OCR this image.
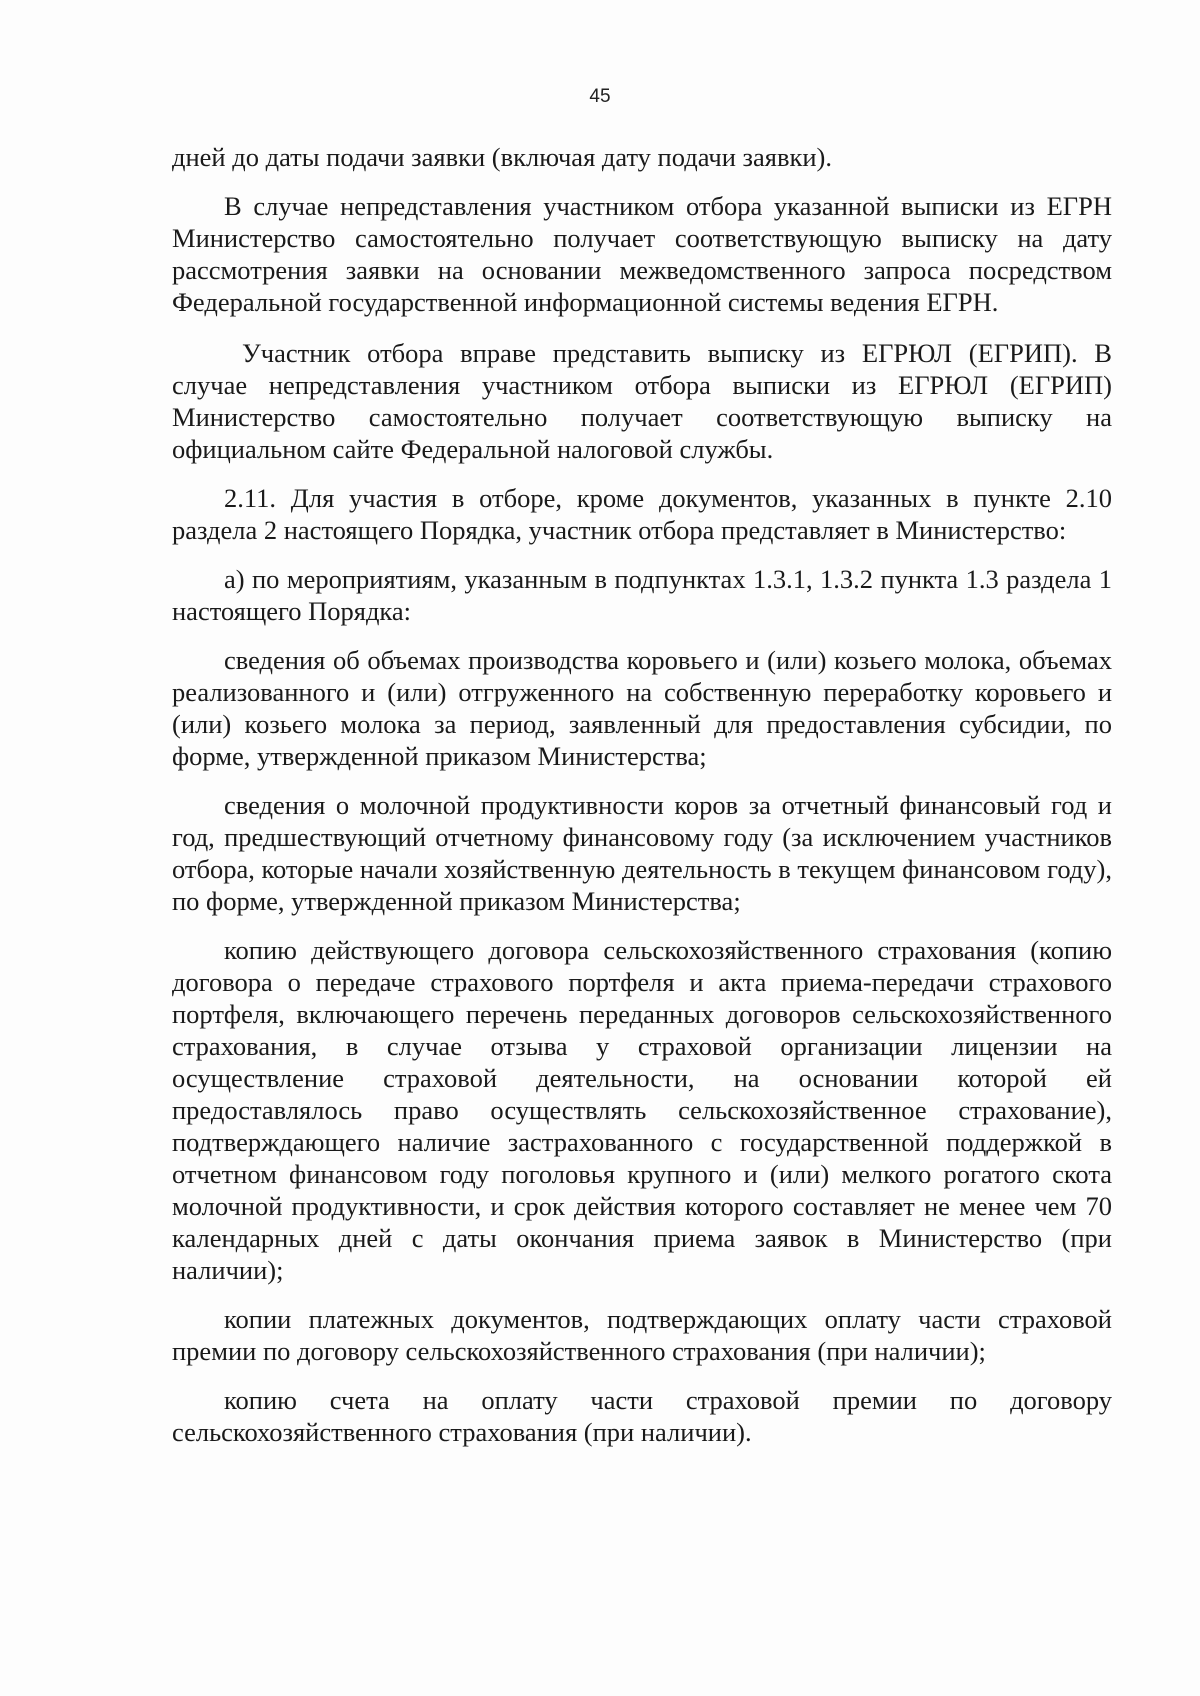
45

дней до даты подачи заявки (включая дату подачи заявки).

В случае непредставления участником отбора указанной выписки из ЕГРН Министерство самостоятельно получает соответствующую выписку на дату рассмотрения заявки на основании межведомственного запроса посредством Федеральной государственной информационной системы ведения ЕГРН.

Участник отбора вправе представить выписку из ЕГРЮЛ (ЕГРИП). В случае непредставления участником отбора выписки из ЕГРЮЛ (ЕГРИП) Министерство самостоятельно получает соответствующую выписку на официальном сайте Федеральной налоговой службы.

2.11. Для участия в отборе, кроме документов, указанных в пункте 2.10 раздела 2 настоящего Порядка, участник отбора представляет в Министерство:

а) по мероприятиям, указанным в подпунктах 1.3.1, 1.3.2 пункта 1.3 раздела 1 настоящего Порядка:

сведения об объемах производства коровьего и (или) козьего молока, объемах реализованного и (или) отгруженного на собственную переработку коровьего и (или) козьего молока за период, заявленный для предоставления субсидии, по форме, утвержденной приказом Министерства;

сведения о молочной продуктивности коров за отчетный финансовый год и год, предшествующий отчетному финансовому году (за исключением участников отбора, которые начали хозяйственную деятельность в текущем финансовом году), по форме, утвержденной приказом Министерства;

копию действующего договора сельскохозяйственного страхования (копию договора о передаче страхового портфеля и акта приема-передачи страхового портфеля, включающего перечень переданных договоров сельскохозяйственного страхования, в случае отзыва у страховой организации лицензии на осуществление страховой деятельности, на основании которой ей предоставлялось право осуществлять сельскохозяйственное страхование), подтверждающего наличие застрахованного с государственной поддержкой в отчетном финансовом году поголовья крупного и (или) мелкого рогатого скота молочной продуктивности, и срок действия которого составляет не менее чем 70 календарных дней с даты окончания приема заявок в Министерство (при наличии);

копии платежных документов, подтверждающих оплату части страховой премии по договору сельскохозяйственного страхования (при наличии);

копию счета на оплату части страховой премии по договору сельскохозяйственного страхования (при наличии).
